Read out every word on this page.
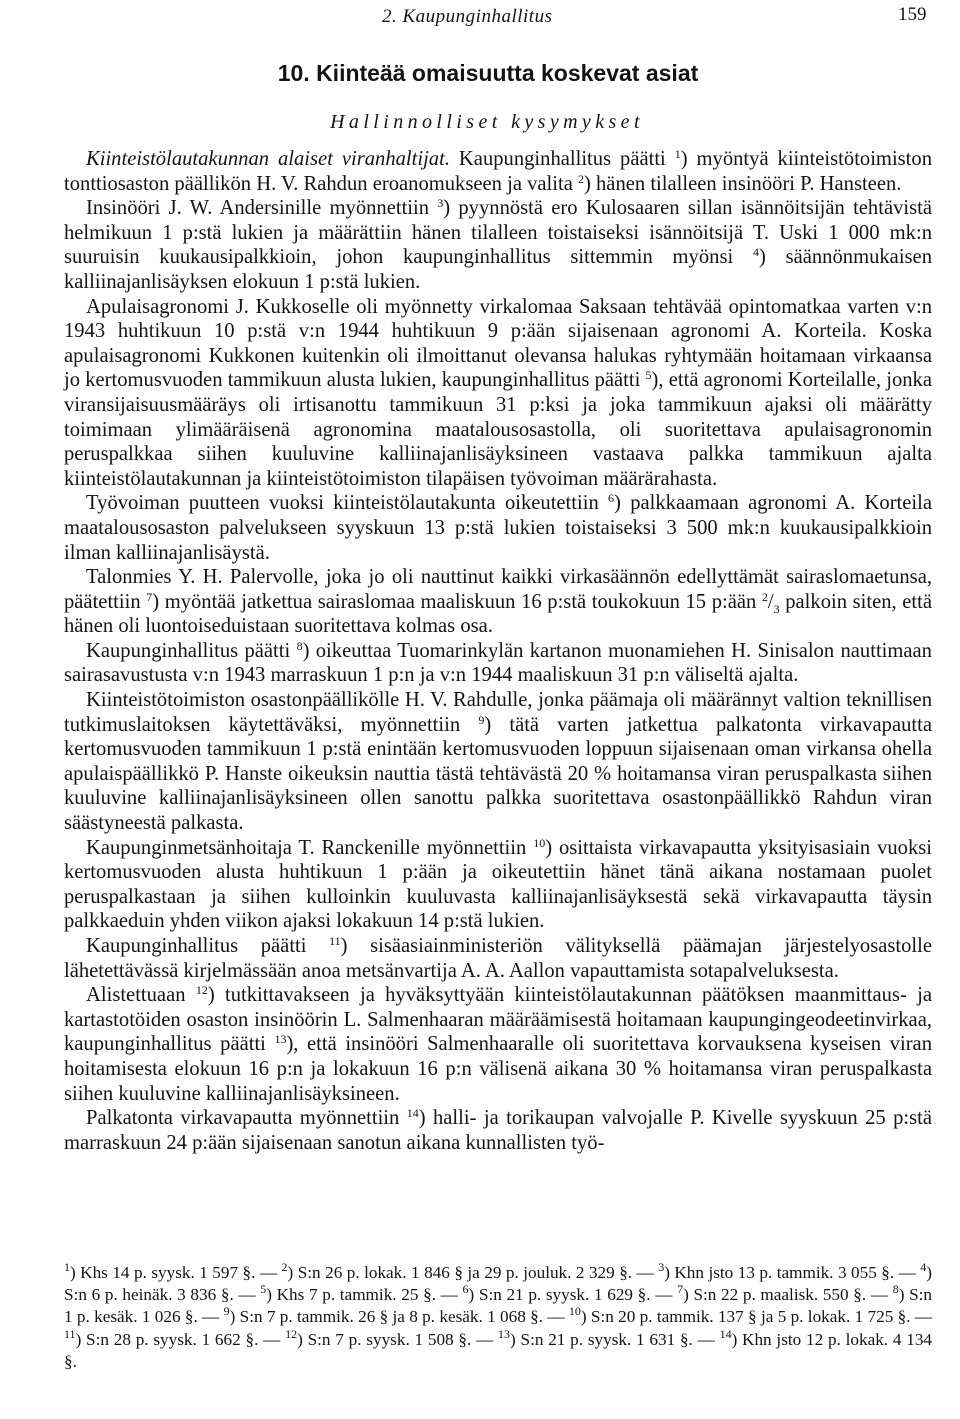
2. Kaupunginhallitus	159
10. Kiinteää omaisuutta koskevat asiat
Hallinnolliset kysymykset

Kiinteistölautakunnan alaiset viranhaltijat. Kaupunginhallitus päätti $^1$) myöntyä kiinteistötoimiston tonttiosaston päällikön H. V. Rahdun eroanomukseen ja valita $^2$) hänen tilalleen insinööri P. Hansteen.

Insinööri J. W. Andersinille myönnettiin $^3$) pyynnöstä ero Kulosaaren sillan isännöitsijän tehtävistä helmikuun 1 p:stä lukien ja määrättiin hänen tilalleen toistaiseksi isännöitsijä T. Uski 1 000 mk:n suuruisin kuukausipalkkioin, johon kaupunginhallitus sittemmin myönsi $^4$) säännönmukaisen kalliinajanlisäyksen elokuun 1 p:stä lukien.

Apulaisagronomi J. Kukkoselle oli myönnetty virkalomaa Saksaan tehtävää opintomatkaa varten v:n 1943 huhtikuun 10 p:stä v:n 1944 huhtikuun 9 p:ään sijaisenaan agronomi A. Korteila. Koska apulaisagronomi Kukkonen kuitenkin oli ilmoittanut olevansa halukas ryhtymään hoitamaan virkaansa jo kertomusvuoden tammikuun alusta lukien, kaupunginhallitus päätti $^5$), että agronomi Korteilalle, jonka viransijaisuusmääräys oli irtisanottu tammikuun 31 p:ksi ja joka tammikuun ajaksi oli määrätty toimimaan ylimääräisenä agronomina maatalousosastolla, oli suoritettava apulaisagronomin peruspalkkaa siihen kuuluvine kalliinajanlisäyksineen vastaava palkka tammikuun ajalta kiinteistölautakunnan ja kiinteistötoimiston tilapäisen työvoiman määrärahasta.

Työvoiman puutteen vuoksi kiinteistölautakunta oikeutettiin $^6$) palkkaamaan agronomi A. Korteila maatalousosaston palvelukseen syyskuun 13 p:stä lukien toistaiseksi 3 500 mk:n kuukausipalkkioin ilman kalliinajanlisäystä.

Talonmies Y. H. Palervolle, joka jo oli nauttinut kaikki virkasäännön edellyttämät sairaslomaetunsa, päätettiin $^7$) myöntää jatkettua sairaslomaa maaliskuun 16 p:stä toukokuun 15 p:ään $^2/_3$ palkoin siten, että hänen oli luontoiseduistaan suoritettava kolmas osa.

Kaupunginhallitus päätti $^8$) oikeuttaa Tuomarinkylän kartanon muonamiehen H. Sinisalon nauttimaan sairasavustusta v:n 1943 marraskuun 1 p:n ja v:n 1944 maaliskuun 31 p:n väliseltä ajalta.

Kiinteistötoimiston osastonpäällikölle H. V. Rahdulle, jonka päämaja oli määrännyt valtion teknillisen tutkimuslaitoksen käytettäväksi, myönnettiin $^9$) tätä varten jatkettua palkatonta virkavapautta kertomusvuoden tammikuun 1 p:stä enintään kertomusvuoden loppuun sijaisenaan oman virkansa ohella apulaispäällikkö P. Hanste oikeuksin nauttia tästä tehtävästä 20 % hoitamansa viran peruspalkasta siihen kuuluvine kalliinajanlisäyksineen ollen sanottu palkka suoritettava osastonpäällikkö Rahdun viran säästyneestä palkasta.

Kaupunginmetsänhoitaja T. Ranckenille myönnettiin $^{10}$) osittaista virkavapautta yksityisasiain vuoksi kertomusvuoden alusta huhtikuun 1 p:ään ja oikeutettiin hänet tänä aikana nostamaan puolet peruspalkastaan ja siihen kulloinkin kuuluvasta kalliinajanlisäyksestä sekä virkavapautta täysin palkkaeduin yhden viikon ajaksi lokakuun 14 p:stä lukien.

Kaupunginhallitus päätti $^{11}$) sisäasiainministeriön välityksellä päämajan järjestelyosastolle lähetettävässä kirjelmässään anoa metsänvartija A. A. Aallon vapauttamista sotapalveluksesta.

Alistettuaan $^{12}$) tutkittavakseen ja hyväksyttyään kiinteistölautakunnan päätöksen maanmittaus- ja kartastotöiden osaston insinöörin L. Salmenhaaran määräämisestä hoitamaan kaupungingeodeetinvirkaa, kaupunginhallitus päätti $^{13}$), että insinööri Salmenhaaralle oli suoritettava korvauksena kyseisen viran hoitamisesta elokuun 16 p:n ja lokakuun 16 p:n välisenä aikana 30 % hoitamansa viran peruspalkasta siihen kuuluvine kalliinajanlisäyksineen.

Palkatonta virkavapautta myönnettiin $^{14}$) halli- ja torikaupan valvojalle P. Kivelle syyskuun 25 p:stä marraskuun 24 p:ään sijaisenaan sanotun aikana kunnallisten työ-

$^1$) Khs 14 p. syysk. 1 597 §. — $^2$) S:n 26 p. lokak. 1 846 § ja 29 p. jouluk. 2 329 §. — $^3$) Khn jsto 13 p. tammik. 3 055 §. — $^4$) S:n 6 p. heinäk. 3 836 §. — $^5$) Khs 7 p. tammik. 25 §. — $^6$) S:n 21 p. syysk. 1 629 §. — $^7$) S:n 22 p. maalisk. 550 §. — $^8$) S:n 1 p. kesäk. 1 026 §. — $^9$) S:n 7 p. tammik. 26 § ja 8 p. kesäk. 1 068 §. — $^{10}$) S:n 20 p. tammik. 137 § ja 5 p. lokak. 1 725 §. — $^{11}$) S:n 28 p. syysk. 1 662 §. — $^{12}$) S:n 7 p. syysk. 1 508 §. — $^{13}$) S:n 21 p. syysk. 1 631 §. — $^{14}$) Khn jsto 12 p. lokak. 4 134 §.
